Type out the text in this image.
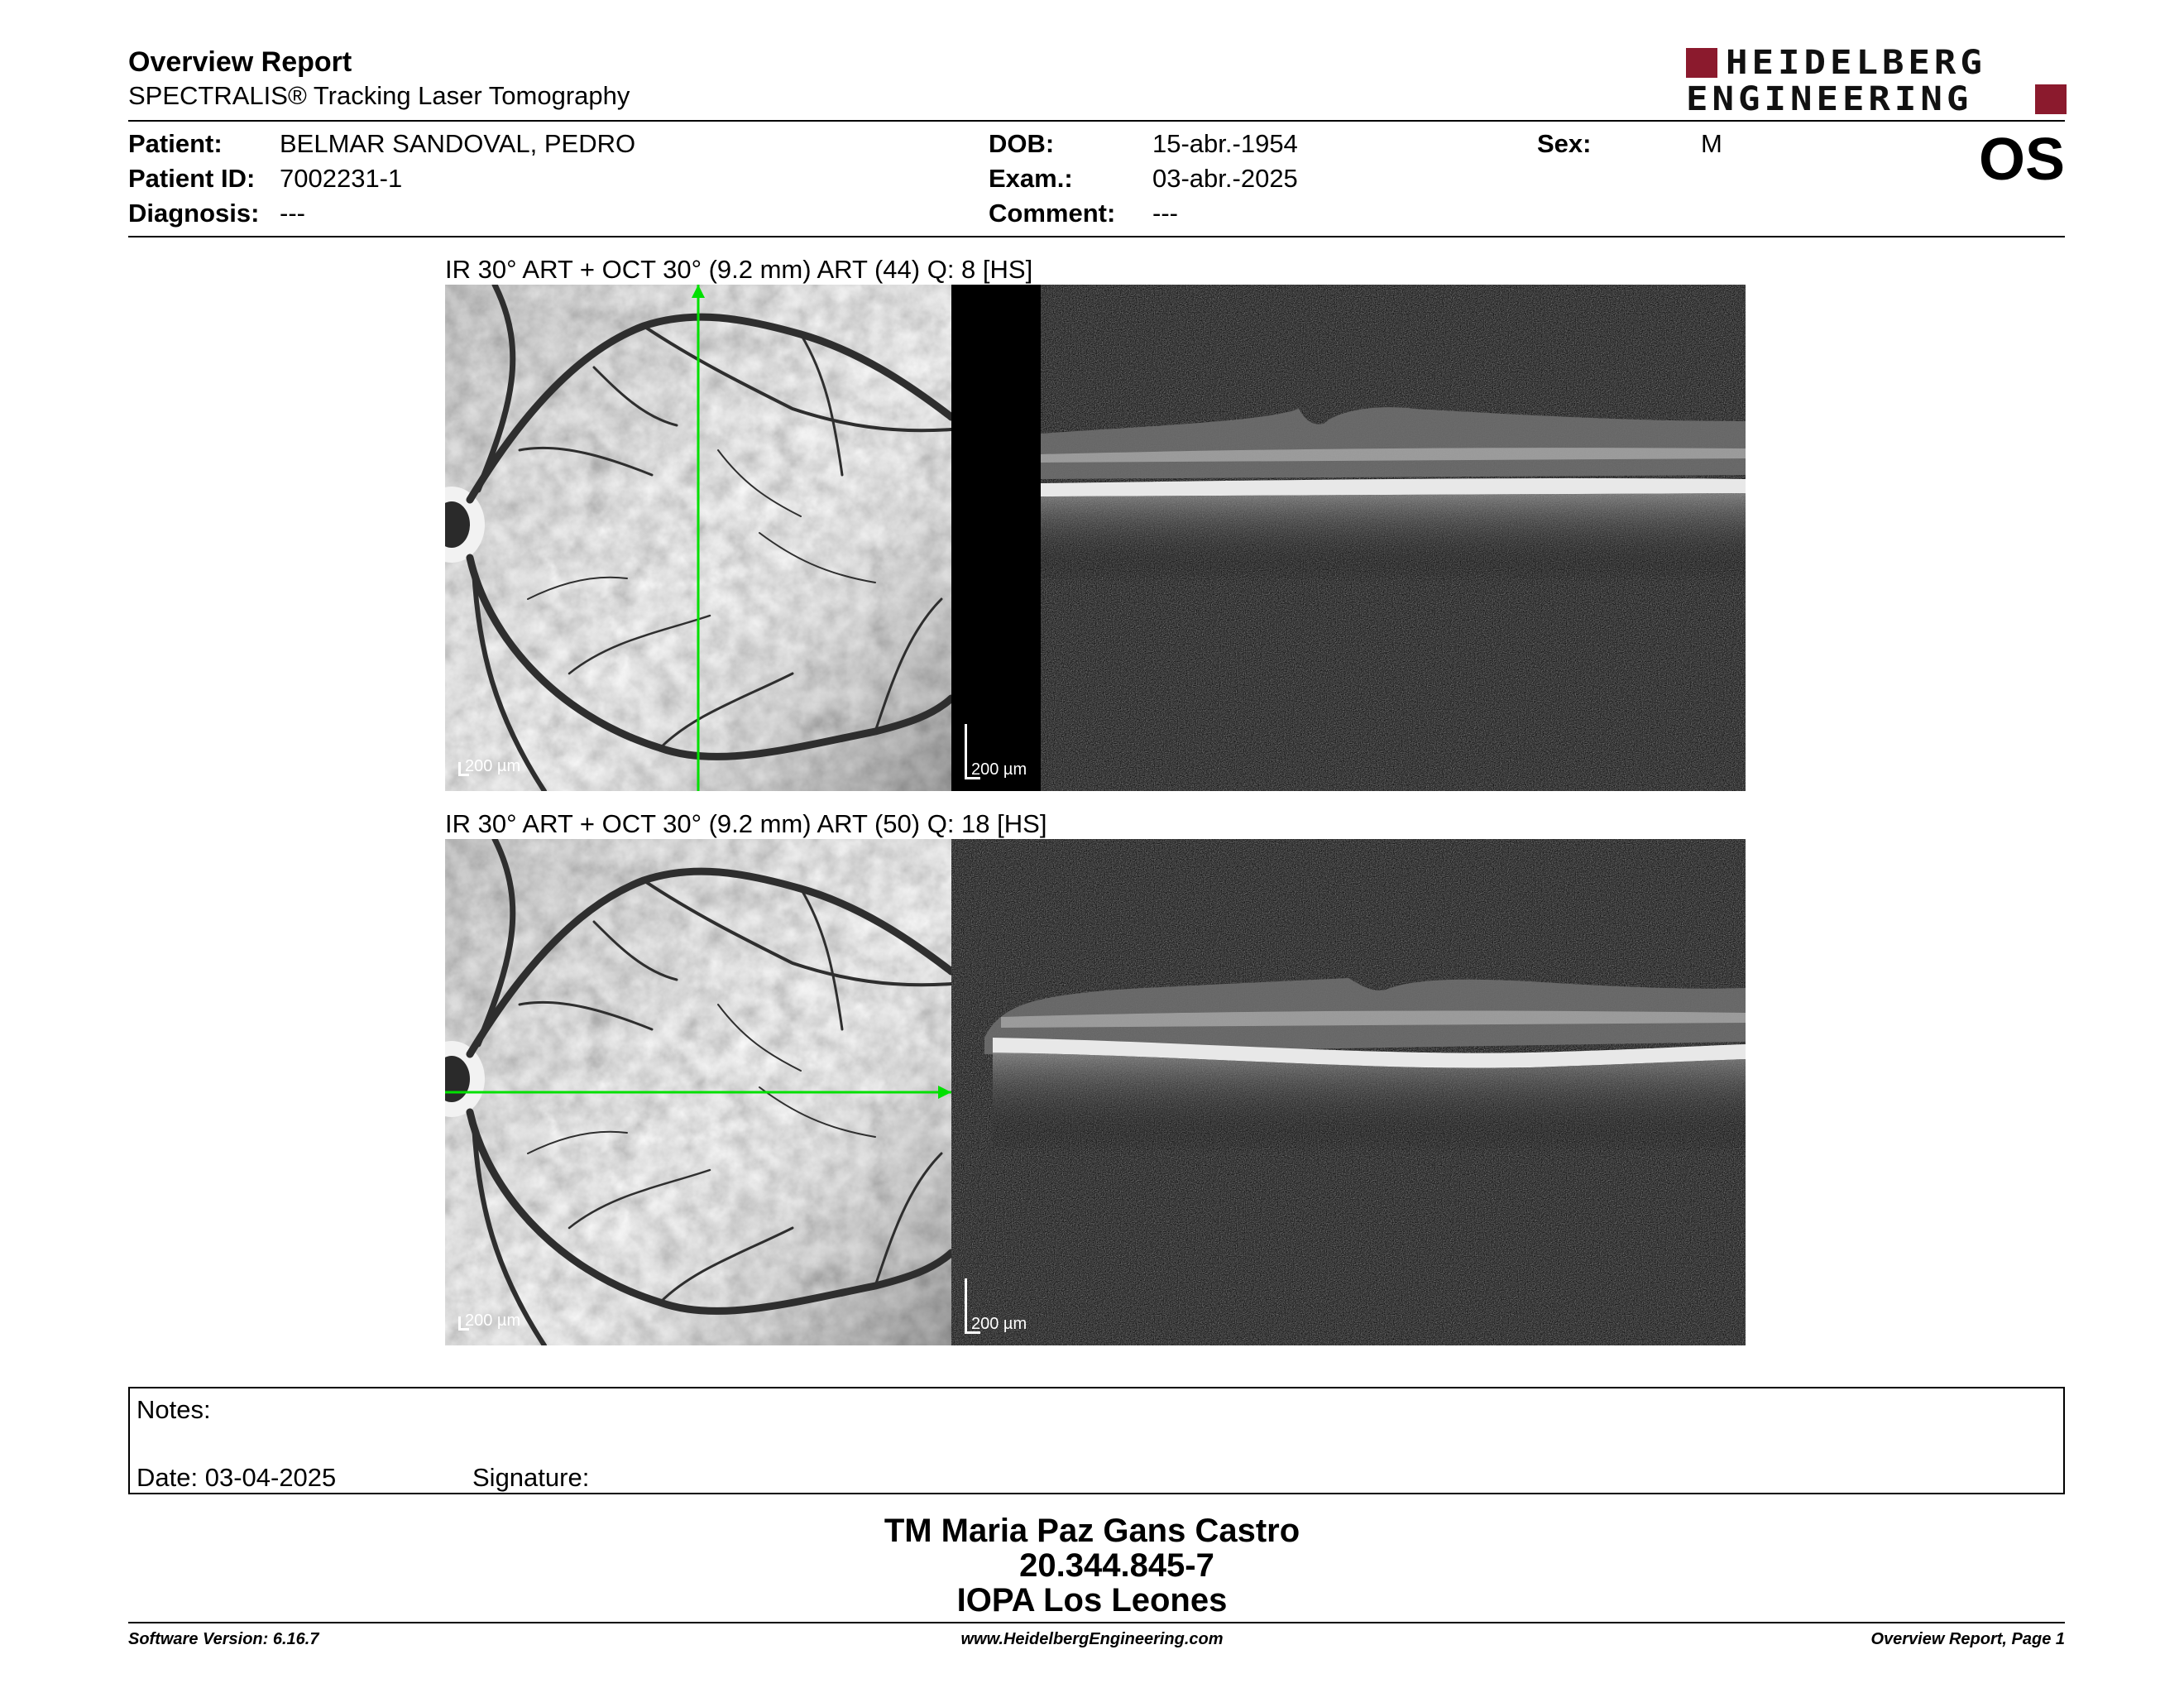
Overview Report
SPECTRALIS® Tracking Laser Tomography
HEIDELBERG
ENGINEERING
Patient: BELMAR SANDOVAL, PEDRO
Patient ID: 7002231-1
Diagnosis: ---
DOB:	15-abr.-1954
Exam.:	03-abr.-2025
Comment: ---
Sex:	M	OS
IR 30° ART + OCT 30° (9.2 mm) ART (44) Q: 8 [HS]
200 µm	200 µm
IR 30° ART + OCT 30° (9.2 mm) ART (50) Q: 18 [HS]
200 µm	200 µm
Notes:
Date: 03-04-2025	Signature:
TM Maria Paz Gans Castro
20.344.845-7
IOPA Los Leones
Software Version: 6.16.7	www.HeidelbergEngineering.com	Overview Report, Page 1
